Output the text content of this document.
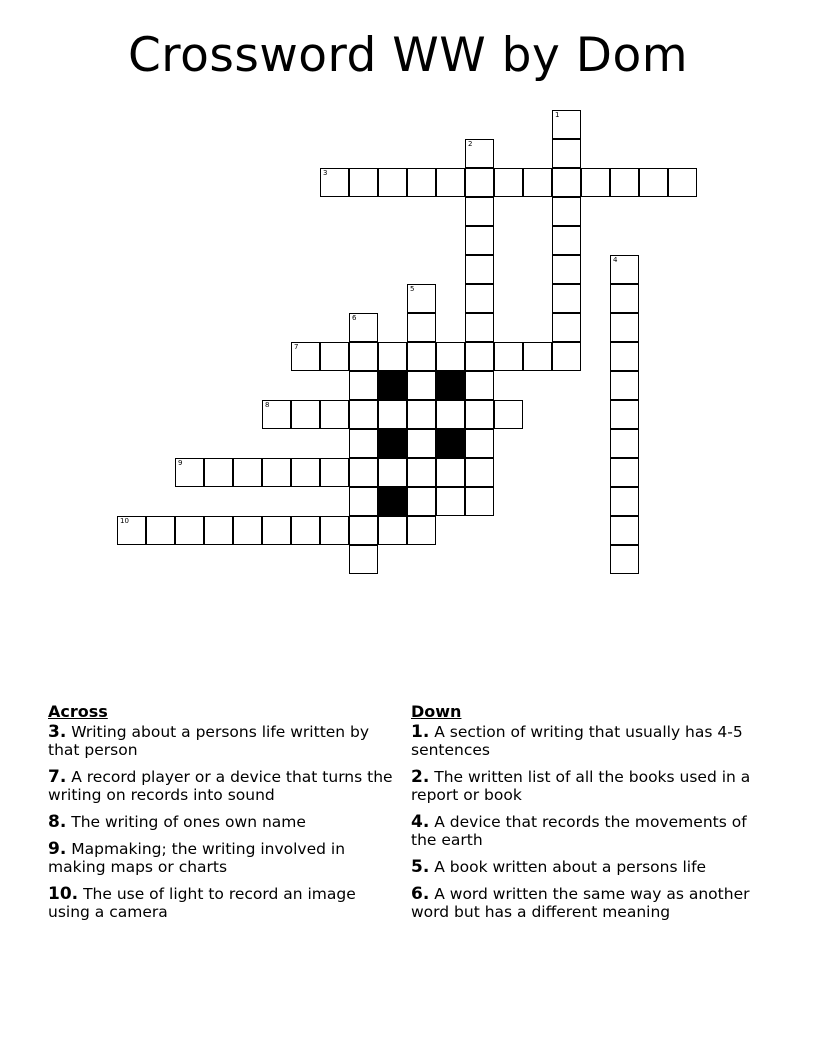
Crossword WW by Dom
1
2
3
4
5
6
7
8
9
10
Across
3. Writing about a persons life written by that person
7. A record player or a device that turns the writing on records into sound
8. The writing of ones own name
9. Mapmaking; the writing involved in making maps or charts
10. The use of light to record an image using a camera
Down
1. A section of writing that usually has 4-5 sentences
2. The written list of all the books used in a report or book
4. A device that records the movements of the earth
5. A book written about a persons life
6. A word written the same way as another word but has a different meaning
